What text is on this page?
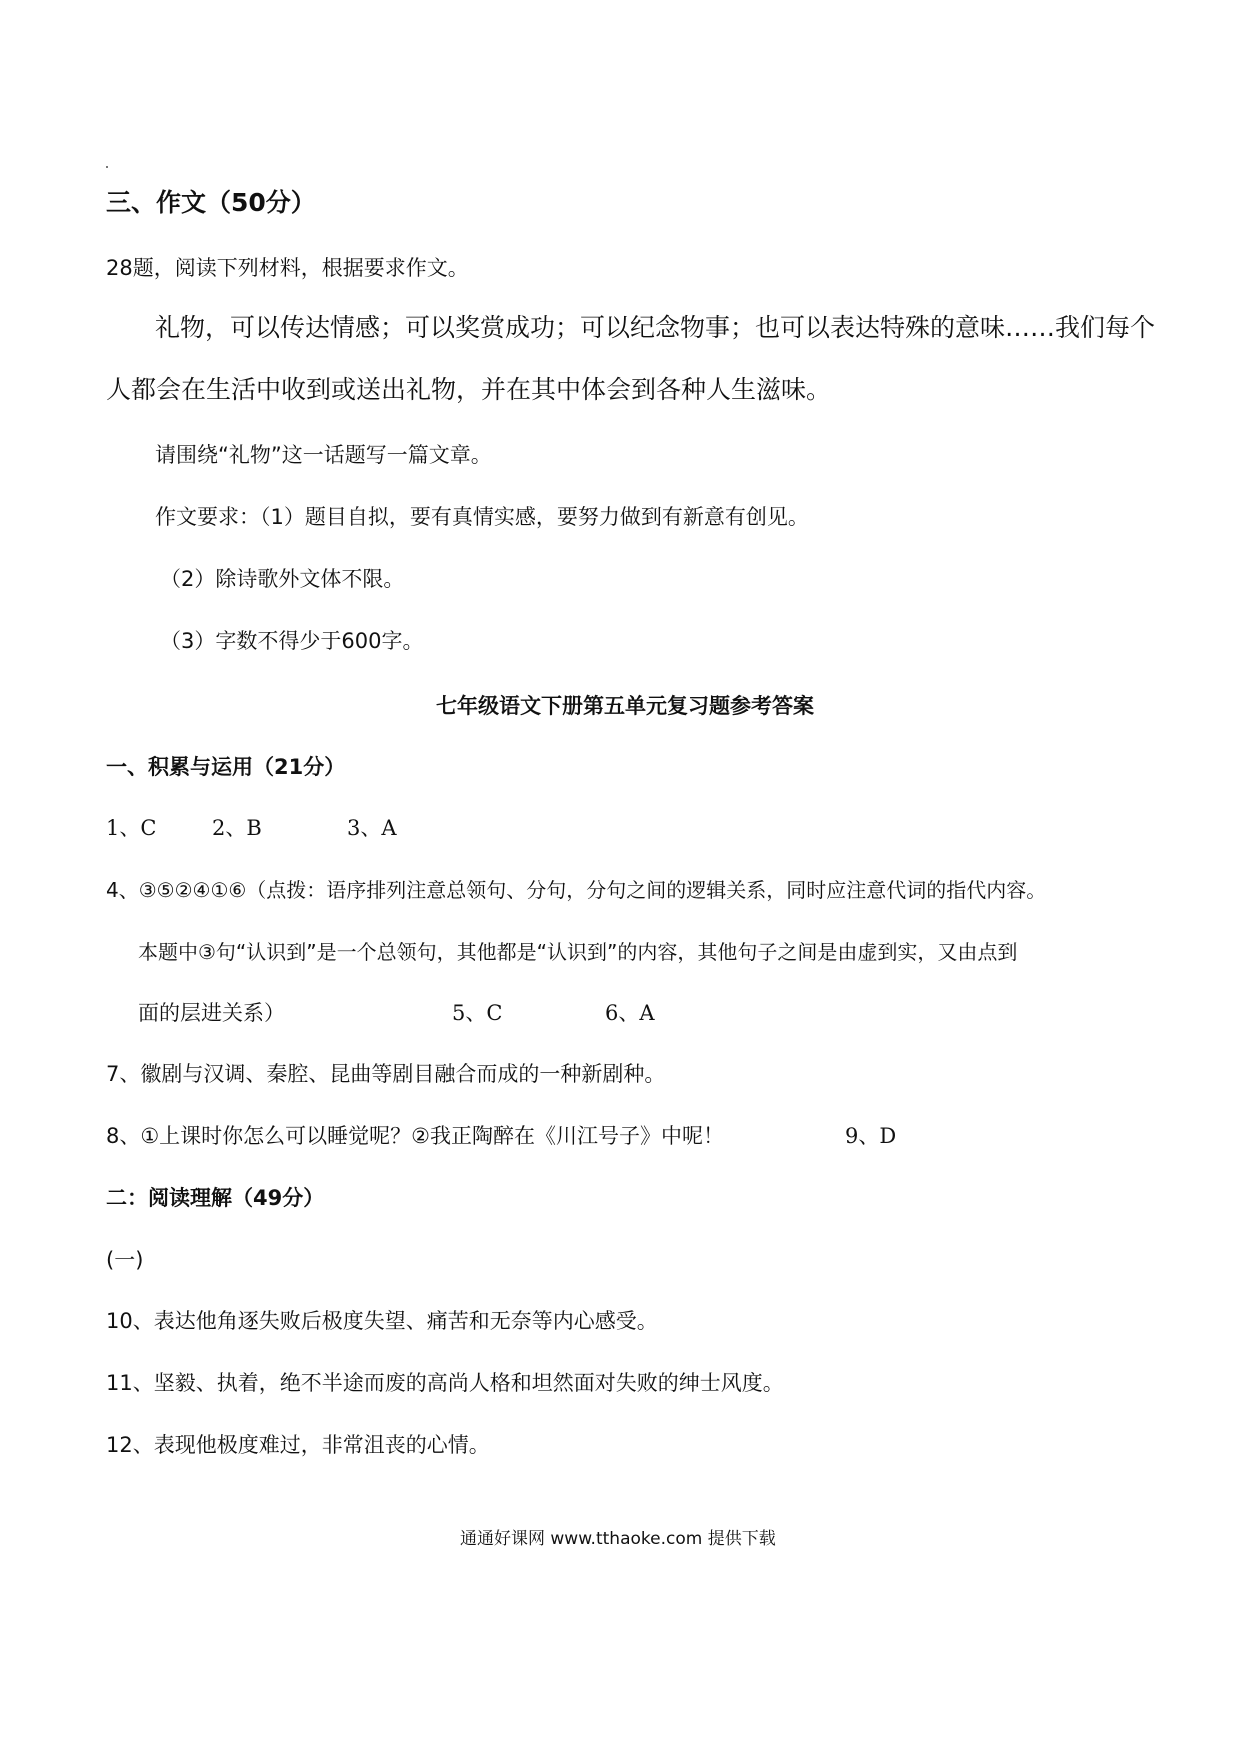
三、作文（50分）
28题，阅读下列材料，根据要求作文。
礼物，可以传达情感；可以奖赏成功；可以纪念物事；也可以表达特殊的意味……我们每个
人都会在生活中收到或送出礼物，并在其中体会到各种人生滋味。
请围绕“礼物”这一话题写一篇文章。
作文要求：（1）题目自拟，要有真情实感，要努力做到有新意有创见。
（2）除诗歌外文体不限。
（3）字数不得少于600字。
七年级语文下册第五单元复习题参考答案
一、积累与运用（21分）
1、C	2、B	3、A
4、③⑤②④①⑥（点拨：语序排列注意总领句、分句，分句之间的逻辑关系，同时应注意代词的指代内容。
本题中③句“认识到”是一个总领句，其他都是“认识到”的内容，其他句子之间是由虚到实，又由点到
面的层进关系）	5、C	6、A
7、徽剧与汉调、秦腔、昆曲等剧目融合而成的一种新剧种。
8、①上课时你怎么可以睡觉呢？②我正陶醉在《川江号子》中呢！	9、D
二：阅读理解（49分）
(一)
10、表达他角逐失败后极度失望、痛苦和无奈等内心感受。
11、坚毅、执着，绝不半途而废的高尚人格和坦然面对失败的绅士风度。
12、表现他极度难过，非常沮丧的心情。
通通好课网 www.tthaoke.com 提供下载
